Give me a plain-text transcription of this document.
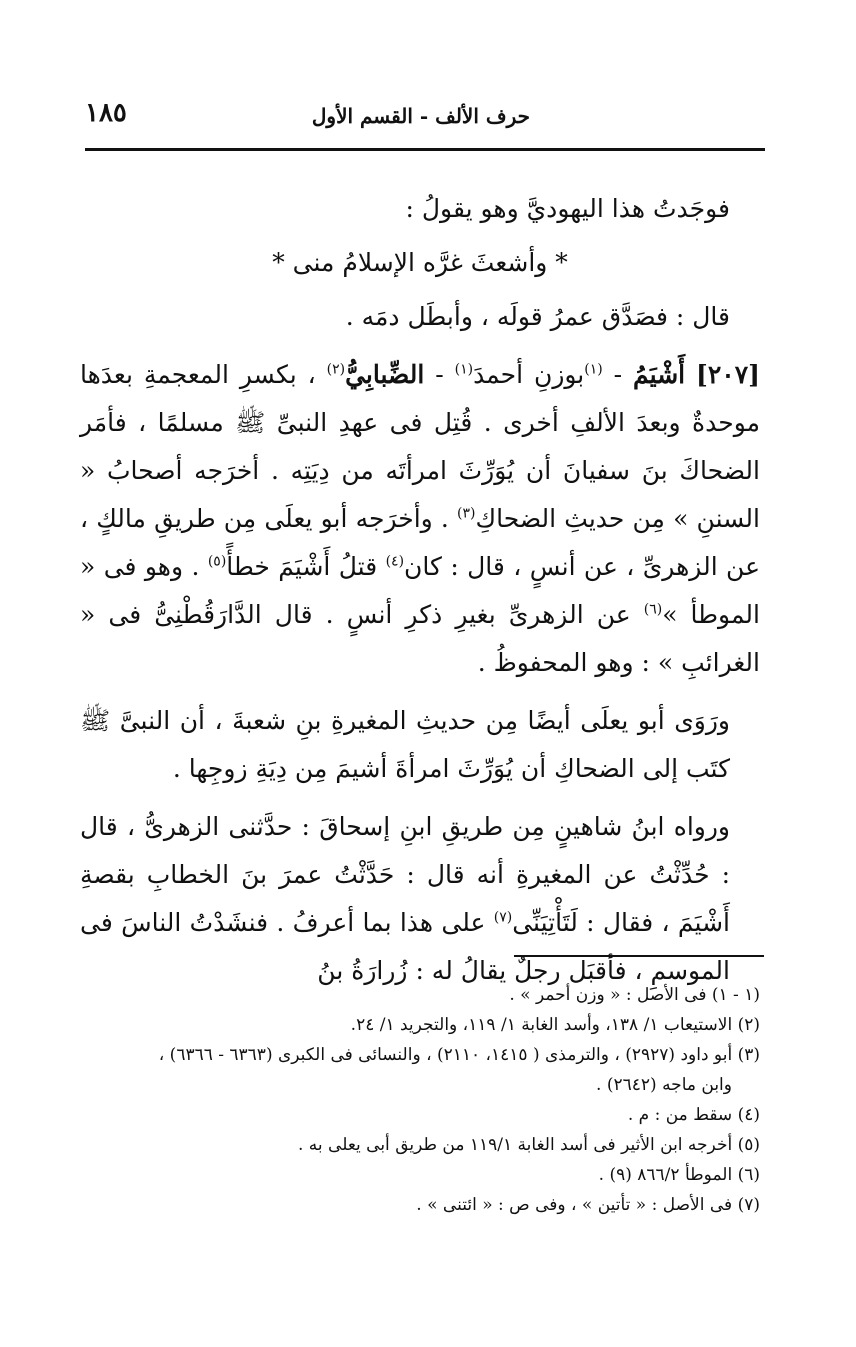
١٨٥	حرف الألف - القسم الأول

فوجَدتُ هذا اليهوديَّ وهو يقولُ :

* وأشعثَ غرَّه الإسلامُ منى *

قال : فصَدَّق عمرُ قولَه ، وأبطَل دمَه .

[٢٠٧] أَشْيَمُ - $^{(١)}$بوزنِ أحمدَ$^{(١)}$ - الضِّبابِيُّ$^{(٢)}$ ، بكسرِ المعجمةِ بعدَها موحدةٌ وبعدَ الألفِ أخرى . قُتِل فى عهدِ النبىِّ ﷺ مسلمًا ، فأمَر الضحاكَ بنَ سفيانَ أن يُوَرِّثَ امرأتَه من دِيَتِه . أخرَجه أصحابُ « السننِ » مِن حديثِ الضحاكِ$^{(٣)}$ . وأخرَجه أبو يعلَى مِن طريقِ مالكٍ ، عن الزهرىِّ ، عن أنسٍ ، قال : كان$^{(٤)}$ قتلُ أَشْيَمَ خطأً$^{(٥)}$ . وهو فى « الموطأ »$^{(٦)}$ عن الزهرىِّ بغيرِ ذكرِ أنسٍ . قال الدَّارَقُطْنِىُّ فى « الغرائبِ » : وهو المحفوظُ .

ورَوَى أبو يعلَى أيضًا مِن حديثِ المغيرةِ بنِ شعبةَ ، أن النبىَّ ﷺ كتَب إلى الضحاكِ أن يُوَرِّثَ امرأةَ أشيمَ مِن دِيَةِ زوجِها .

ورواه ابنُ شاهينٍ مِن طريقِ ابنِ إسحاقَ : حدَّثنى الزهرىُّ ، قال : حُدِّثْتُ عن المغيرةِ أنه قال : حَدَّثْتُ عمرَ بنَ الخطابِ بقصةِ أَشْيَمَ ، فقال : لَتَأْتِيَنِّى$^{(٧)}$ على هذا بما أعرفُ . فنشَدْتُ الناسَ فى الموسمِ ، فأقبَل رجلٌ يقالُ له : زُرارَةُ بنُ

(١ - ١) فى الأصل : « وزن أحمر » .

(٢) الاستيعاب ١/ ١٣٨، وأسد الغابة ١/ ١١٩، والتجريد ١/ ٢٤.

(٣) أبو داود (٢٩٢٧) ، والترمذى ( ١٤١٥، ٢١١٠) ، والنسائى فى الكبرى (٦٣٦٣ - ٦٣٦٦) ،

وابن ماجه (٢٦٤٢) .

(٤) سقط من : م .

(٥) أخرجه ابن الأثير فى أسد الغابة ١١٩/١ من طريق أبى يعلى به .

(٦) الموطأ ٨٦٦/٢ (٩) .

(٧) فى الأصل : « تأتين » ، وفى ص : « ائتنى » .
